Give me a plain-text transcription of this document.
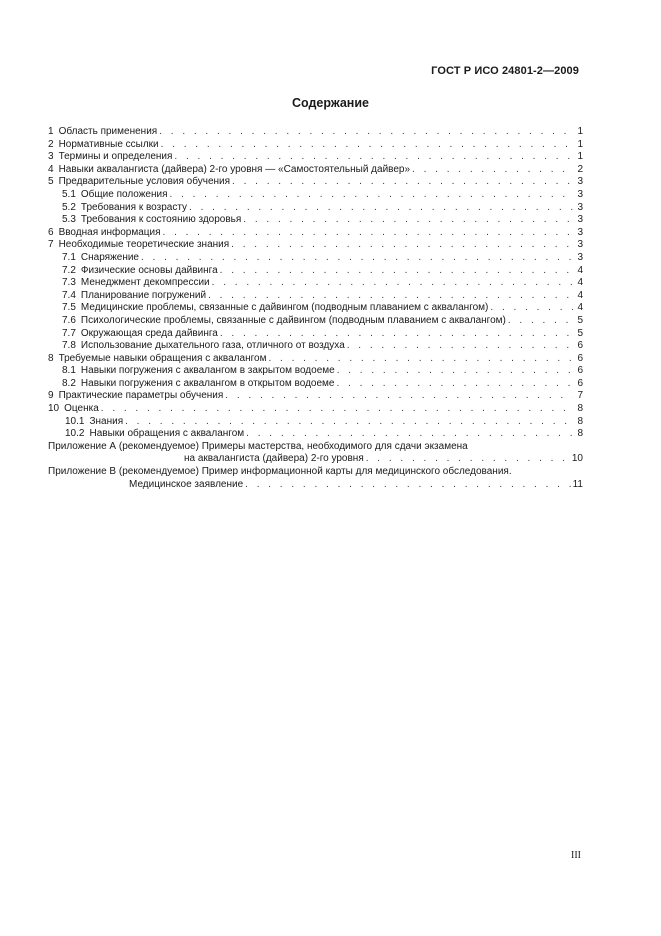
ГОСТ Р ИСО 24801-2—2009
Содержание
1 Область применения . . .	1
2 Нормативные ссылки . . .	1
3 Термины и определения . . .	1
4 Навыки аквалангиста (дайвера) 2-го уровня — «Самостоятельный дайвер» . . .	2
5 Предварительные условия обучения . . .	3
5.1 Общие положения . . .	3
5.2 Требования к возрасту . . .	3
5.3 Требования к состоянию здоровья . . .	3
6 Вводная информация . . .	3
7 Необходимые теоретические знания . . .	3
7.1 Снаряжение . . .	3
7.2 Физические основы дайвинга . . .	4
7.3 Менеджмент декомпрессии . . .	4
7.4 Планирование погружений . . .	4
7.5 Медицинские проблемы, связанные с дайвингом (подводным плаванием с аквалангом) . . .	4
7.6 Психологические проблемы, связанные с дайвингом (подводным плаванием с аквалангом) . . .	5
7.7 Окружающая среда дайвинга . . .	5
7.8 Использование дыхательного газа, отличного от воздуха . . .	6
8 Требуемые навыки обращения с аквалангом . . .	6
8.1 Навыки погружения с аквалангом в закрытом водоеме . . .	6
8.2 Навыки погружения с аквалангом в открытом водоеме . . .	6
9 Практические параметры обучения . . .	7
10 Оценка . . .	8
10.1 Знания . . .	8
10.2 Навыки обращения с аквалангом . . .	8
Приложение А (рекомендуемое) Примеры мастерства, необходимого для сдачи экзамена
на аквалангиста (дайвера) 2-го уровня . . .	10
Приложение В (рекомендуемое) Пример информационной карты для медицинского обследования.
Медицинское заявление . . .	11
III
